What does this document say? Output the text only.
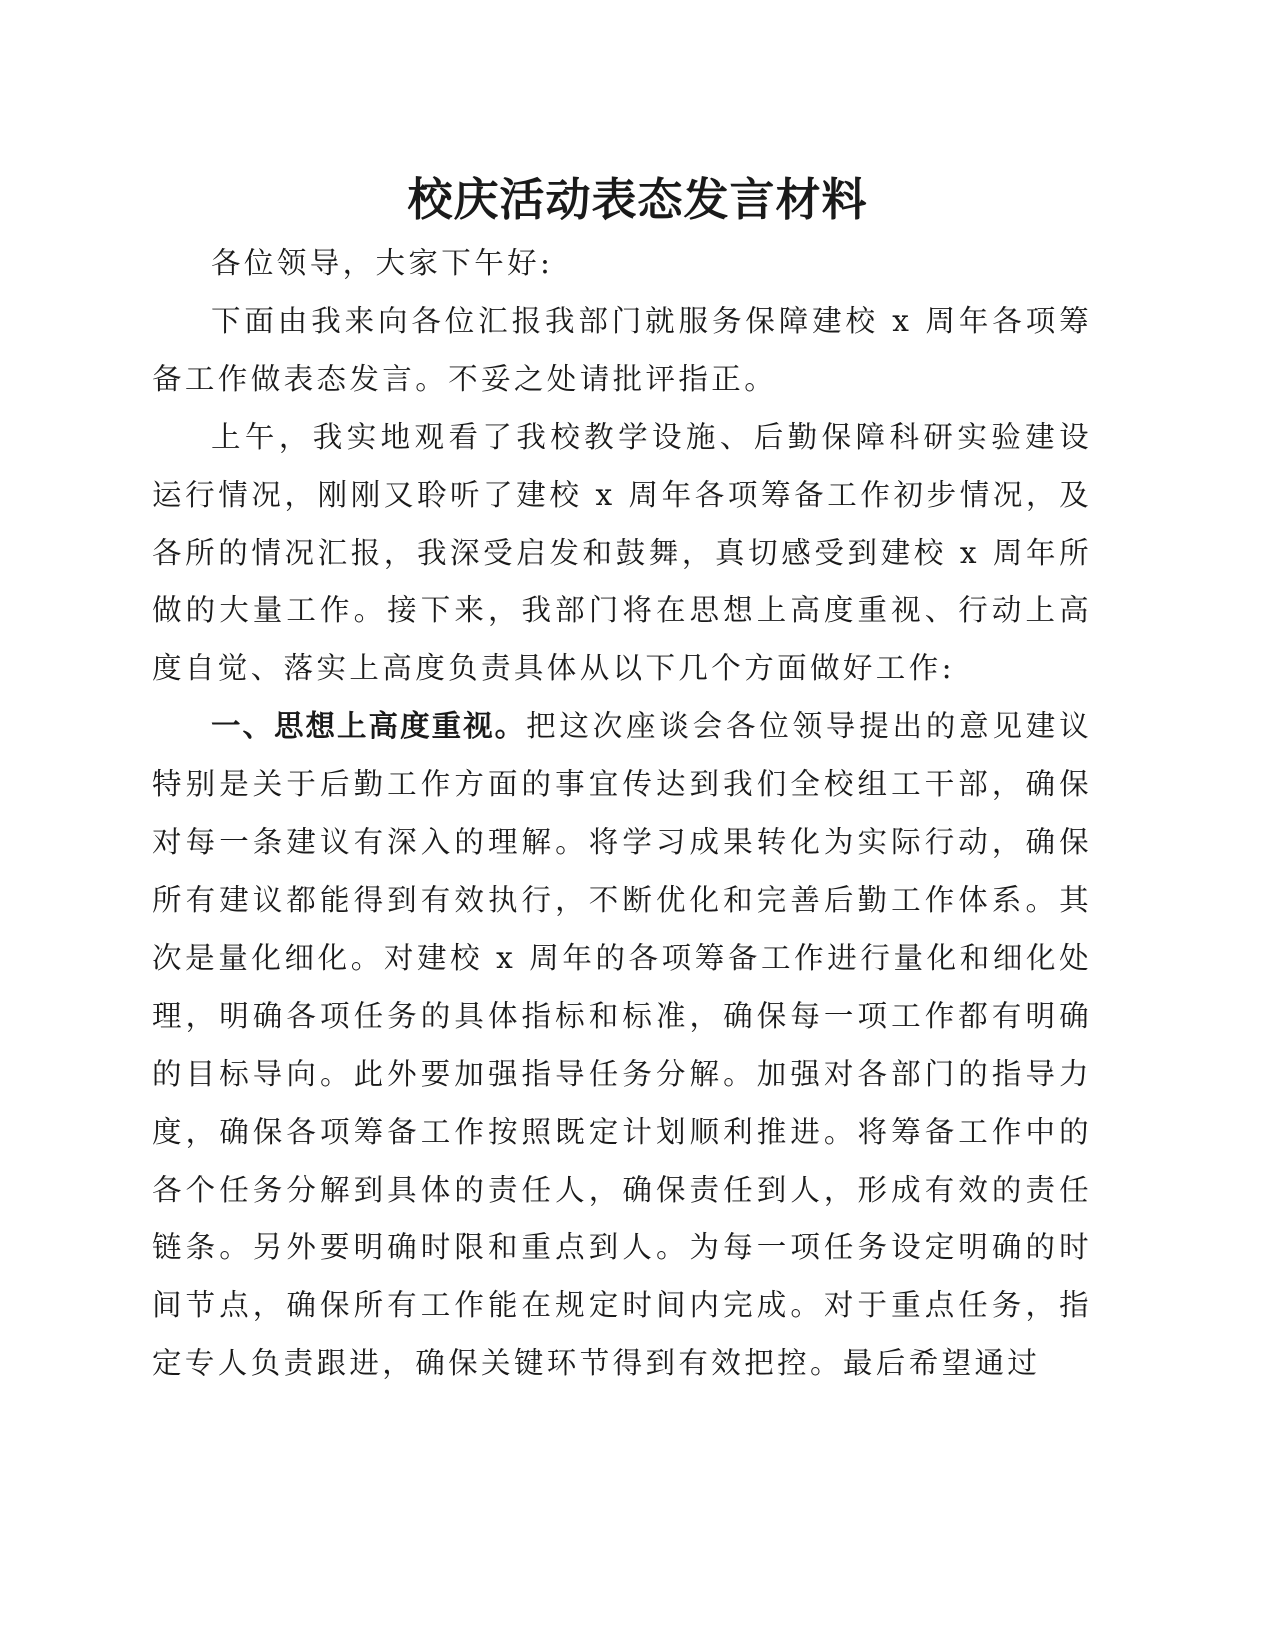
校庆活动表态发言材料

各位领导，大家下午好:

下面由我来向各位汇报我部门就服务保障建校 x 周年各项筹备工作做表态发言。不妥之处请批评指正。

上午，我实地观看了我校教学设施、后勤保障科研实验建设运行情况，刚刚又聆听了建校 x 周年各项筹备工作初步情况，及各所的情况汇报，我深受启发和鼓舞，真切感受到建校 x 周年所做的大量工作。接下来，我部门将在思想上高度重视、行动上高度自觉、落实上高度负责具体从以下几个方面做好工作:

一、思想上高度重视。把这次座谈会各位领导提出的意见建议特别是关于后勤工作方面的事宜传达到我们全校组工干部，确保对每一条建议有深入的理解。将学习成果转化为实际行动，确保所有建议都能得到有效执行，不断优化和完善后勤工作体系。其次是量化细化。对建校 x 周年的各项筹备工作进行量化和细化处理，明确各项任务的具体指标和标准，确保每一项工作都有明确的目标导向。此外要加强指导任务分解。加强对各部门的指导力度，确保各项筹备工作按照既定计划顺利推进。将筹备工作中的各个任务分解到具体的责任人，确保责任到人，形成有效的责任链条。另外要明确时限和重点到人。为每一项任务设定明确的时间节点，确保所有工作能在规定时间内完成。对于重点任务，指定专人负责跟进，确保关键环节得到有效把控。最后希望通过
